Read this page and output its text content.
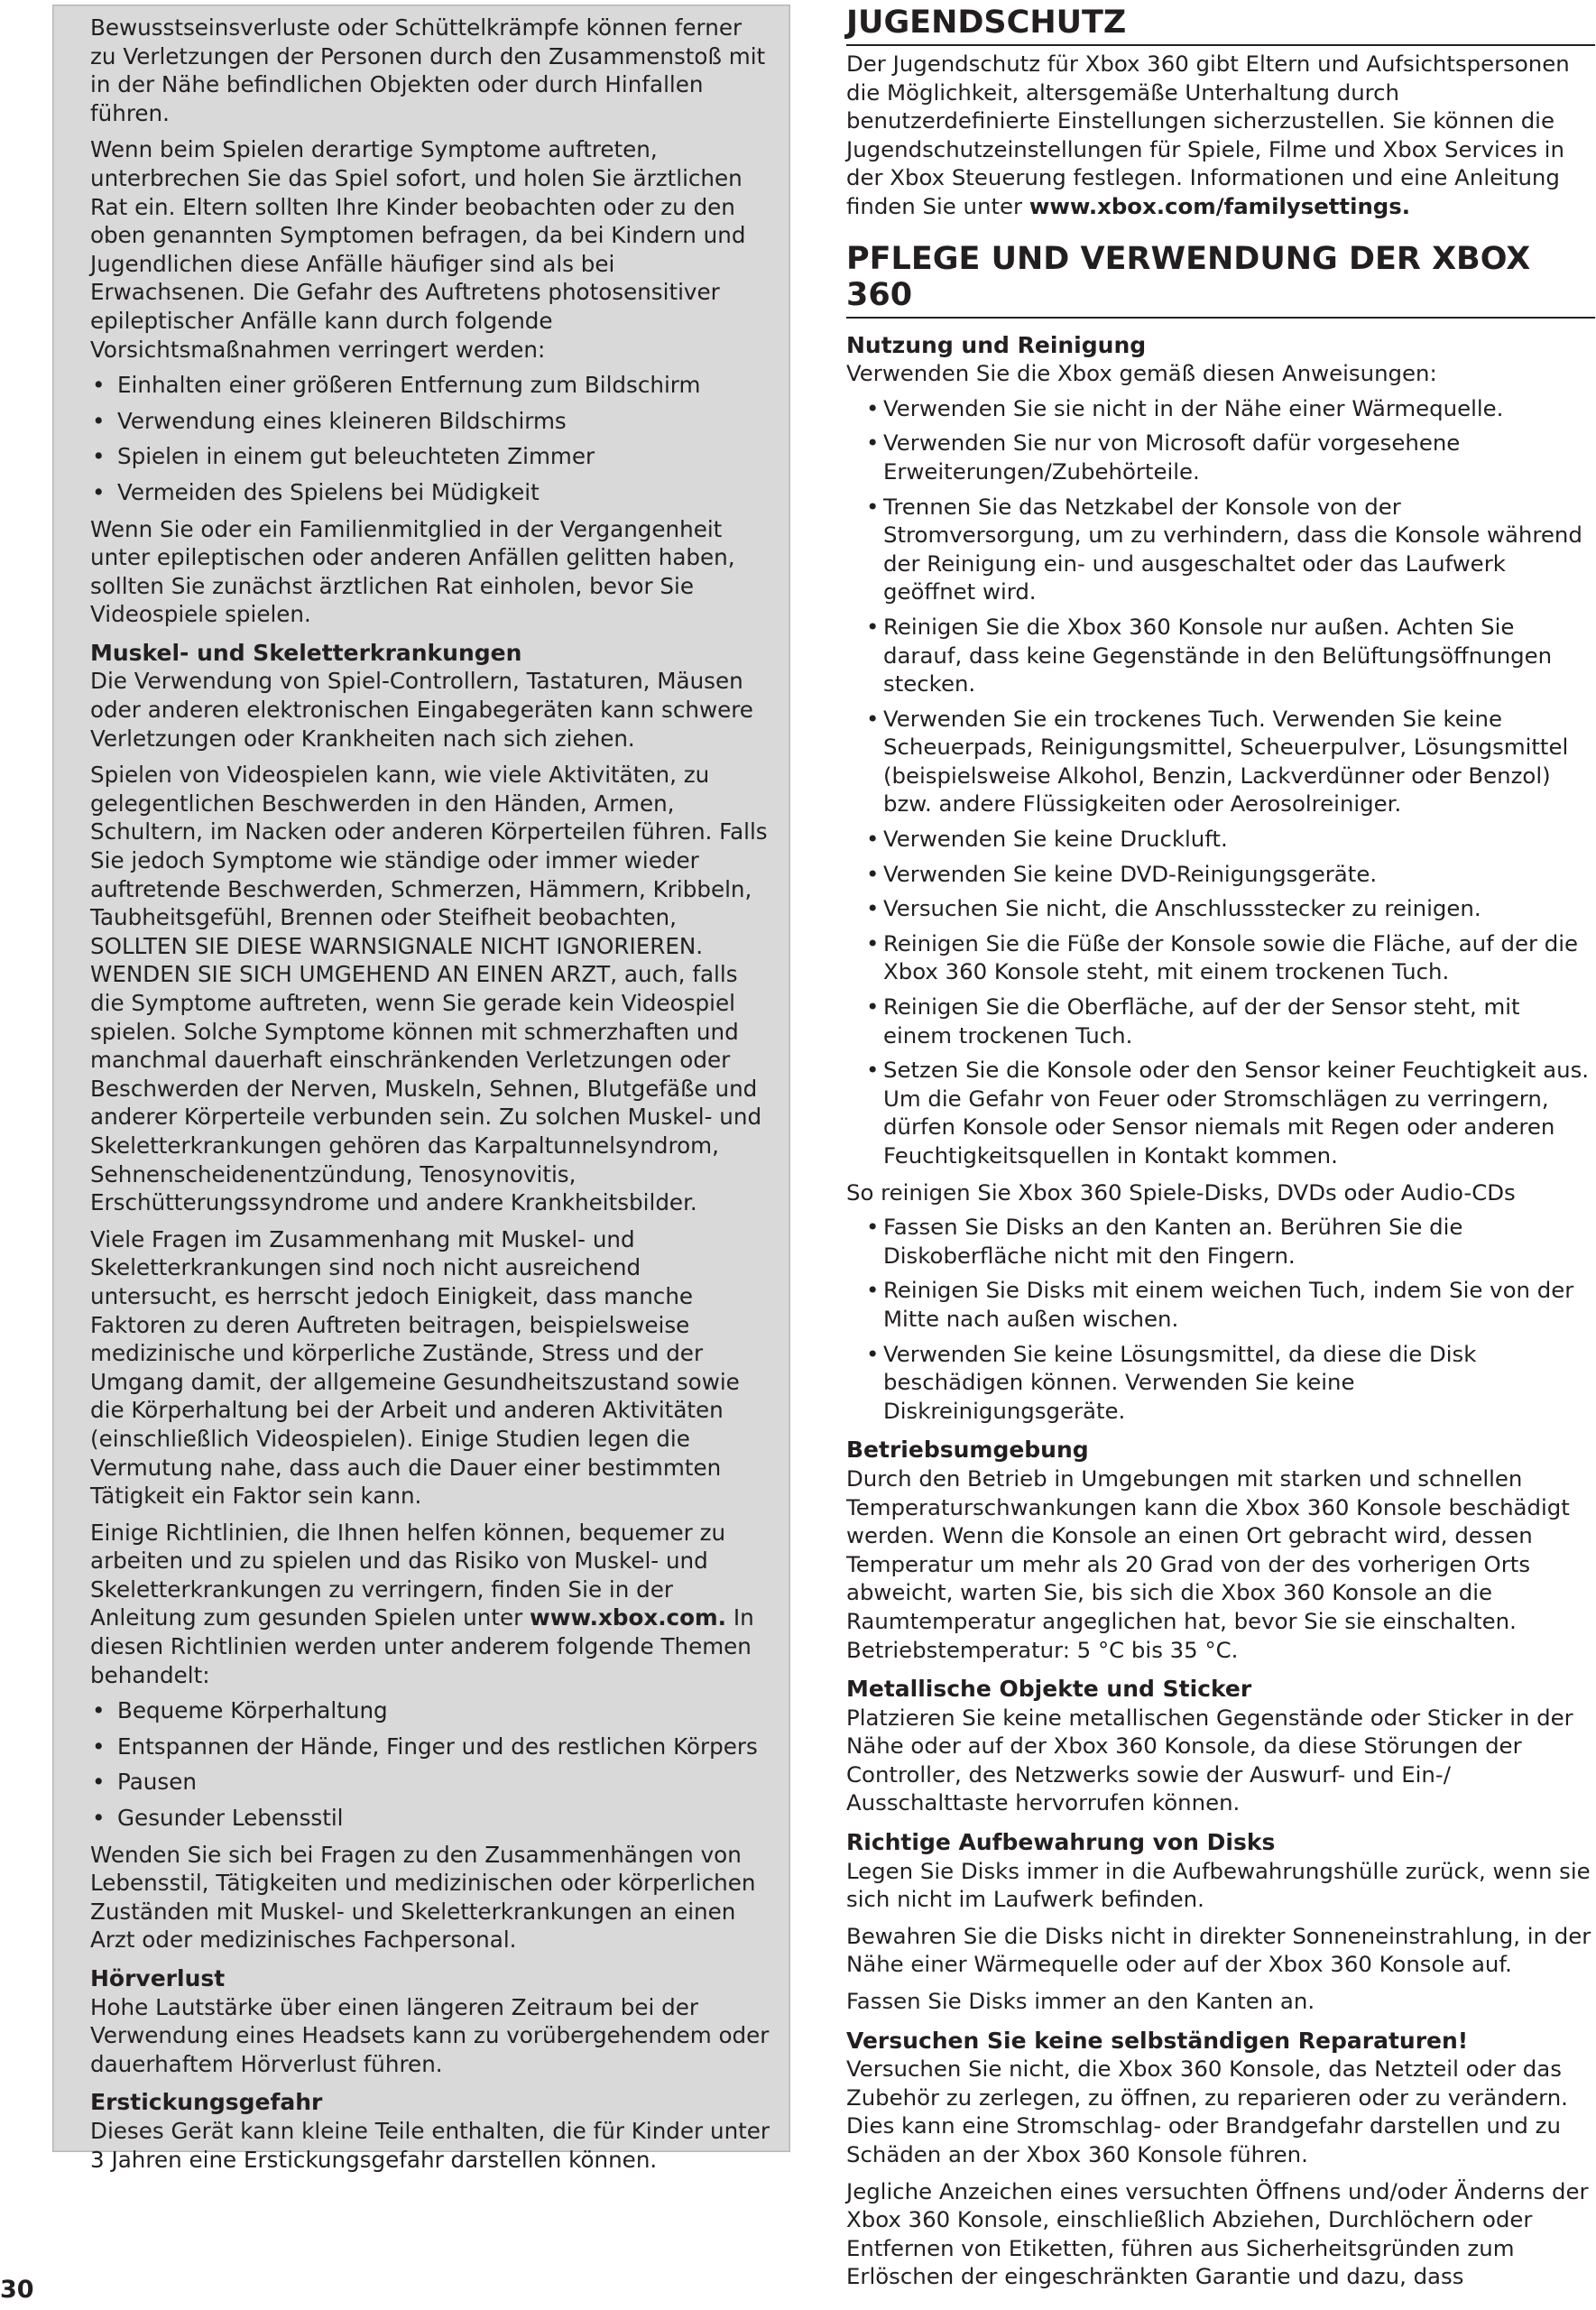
Bewusstseinsverluste oder Schüttelkrämpfe können ferner zu Verletzungen der Personen durch den Zusammenstoß mit in der Nähe befindlichen Objekten oder durch Hinfallen führen.

Wenn beim Spielen derartige Symptome auftreten, unterbrechen Sie das Spiel sofort, und holen Sie ärztlichen Rat ein. Eltern sollten Ihre Kinder beobachten oder zu den oben genannten Symptomen befragen, da bei Kindern und Jugendlichen diese Anfälle häufiger sind als bei Erwachsenen. Die Gefahr des Auftretens photosensitiver epileptischer Anfälle kann durch folgende Vorsichtsmaßnahmen verringert werden:

• Einhalten einer größeren Entfernung zum Bildschirm
• Verwendung eines kleineren Bildschirms
• Spielen in einem gut beleuchteten Zimmer
• Vermeiden des Spielens bei Müdigkeit

Wenn Sie oder ein Familienmitglied in der Vergangenheit unter epileptischen oder anderen Anfällen gelitten haben, sollten Sie zunächst ärztlichen Rat einholen, bevor Sie Videospiele spielen.

Muskel- und Skeletterkrankungen

Die Verwendung von Spiel-Controllern, Tastaturen, Mäusen oder anderen elektronischen Eingabegeräten kann schwere Verletzungen oder Krankheiten nach sich ziehen.

Spielen von Videospielen kann, wie viele Aktivitäten, zu gelegentlichen Beschwerden in den Händen, Armen, Schultern, im Nacken oder anderen Körperteilen führen. Falls Sie jedoch Symptome wie ständige oder immer wieder auftretende Beschwerden, Schmerzen, Hämmern, Kribbeln, Taubheitsgefühl, Brennen oder Steifheit beobachten, SOLLTEN SIE DIESE WARNSIGNALE NICHT IGNORIEREN. WENDEN SIE SICH UMGEHEND AN EINEN ARZT, auch, falls die Symptome auftreten, wenn Sie gerade kein Videospiel spielen. Solche Symptome können mit schmerzhaften und manchmal dauerhaft einschränkenden Verletzungen oder Beschwerden der Nerven, Muskeln, Sehnen, Blutgefäße und anderer Körperteile verbunden sein. Zu solchen Muskel- und Skeletterkrankungen gehören das Karpaltunnelsyndrom, Sehnenscheidenentzündung, Tenosynovitis, Erschütterungssyndrome und andere Krankheitsbilder.

Viele Fragen im Zusammenhang mit Muskel- und Skeletterkrankungen sind noch nicht ausreichend untersucht, es herrscht jedoch Einigkeit, dass manche Faktoren zu deren Auftreten beitragen, beispielsweise medizinische und körperliche Zustände, Stress und der Umgang damit, der allgemeine Gesundheitszustand sowie die Körperhaltung bei der Arbeit und anderen Aktivitäten (einschließlich Videospielen). Einige Studien legen die Vermutung nahe, dass auch die Dauer einer bestimmten Tätigkeit ein Faktor sein kann.

Einige Richtlinien, die Ihnen helfen können, bequemer zu arbeiten und zu spielen und das Risiko von Muskel- und Skeletterkrankungen zu verringern, finden Sie in der Anleitung zum gesunden Spielen unter www.xbox.com. In diesen Richtlinien werden unter anderem folgende Themen behandelt:

• Bequeme Körperhaltung
• Entspannen der Hände, Finger und des restlichen Körpers
• Pausen
• Gesunder Lebensstil

Wenden Sie sich bei Fragen zu den Zusammenhängen von Lebensstil, Tätigkeiten und medizinischen oder körperlichen Zuständen mit Muskel- und Skeletterkrankungen an einen Arzt oder medizinisches Fachpersonal.

Hörverlust

Hohe Lautstärke über einen längeren Zeitraum bei der Verwendung eines Headsets kann zu vorübergehendem oder dauerhaftem Hörverlust führen.

Erstickungsgefahr

Dieses Gerät kann kleine Teile enthalten, die für Kinder unter 3 Jahren eine Erstickungsgefahr darstellen können.

JUGENDSCHUTZ

Der Jugendschutz für Xbox 360 gibt Eltern und Aufsichtspersonen die Möglichkeit, altersgemäße Unterhaltung durch benutzerdefinierte Einstellungen sicherzustellen. Sie können die Jugendschutzeinstellungen für Spiele, Filme und Xbox Services in der Xbox Steuerung festlegen. Informationen und eine Anleitung finden Sie unter www.xbox.com/familysettings.

PFLEGE UND VERWENDUNG DER XBOX 360

Nutzung und Reinigung

Verwenden Sie die Xbox gemäß diesen Anweisungen:

• Verwenden Sie sie nicht in der Nähe einer Wärmequelle.
• Verwenden Sie nur von Microsoft dafür vorgesehene Erweiterungen/Zubehörteile.
• Trennen Sie das Netzkabel der Konsole von der Stromversorgung, um zu verhindern, dass die Konsole während der Reinigung ein- und ausgeschaltet oder das Laufwerk geöffnet wird.
• Reinigen Sie die Xbox 360 Konsole nur außen. Achten Sie darauf, dass keine Gegenstände in den Belüftungsöffnungen stecken.
• Verwenden Sie ein trockenes Tuch. Verwenden Sie keine Scheuerpads, Reinigungsmittel, Scheuerpulver, Lösungsmittel (beispielsweise Alkohol, Benzin, Lackverdünner oder Benzol) bzw. andere Flüssigkeiten oder Aerosolreiniger.
• Verwenden Sie keine Druckluft.
• Verwenden Sie keine DVD-Reinigungsgeräte.
• Versuchen Sie nicht, die Anschlussstecker zu reinigen.
• Reinigen Sie die Füße der Konsole sowie die Fläche, auf der die Xbox 360 Konsole steht, mit einem trockenen Tuch.
• Reinigen Sie die Oberfläche, auf der der Sensor steht, mit einem trockenen Tuch.
• Setzen Sie die Konsole oder den Sensor keiner Feuchtigkeit aus. Um die Gefahr von Feuer oder Stromschlägen zu verringern, dürfen Konsole oder Sensor niemals mit Regen oder anderen Feuchtigkeitsquellen in Kontakt kommen.

So reinigen Sie Xbox 360 Spiele-Disks, DVDs oder Audio-CDs

• Fassen Sie Disks an den Kanten an. Berühren Sie die Diskoberfläche nicht mit den Fingern.
• Reinigen Sie Disks mit einem weichen Tuch, indem Sie von der Mitte nach außen wischen.
• Verwenden Sie keine Lösungsmittel, da diese die Disk beschädigen können. Verwenden Sie keine Diskreinigungsgeräte.

Betriebsumgebung

Durch den Betrieb in Umgebungen mit starken und schnellen Temperaturschwankungen kann die Xbox 360 Konsole beschädigt werden. Wenn die Konsole an einen Ort gebracht wird, dessen Temperatur um mehr als 20 Grad von der des vorherigen Orts abweicht, warten Sie, bis sich die Xbox 360 Konsole an die Raumtemperatur angeglichen hat, bevor Sie sie einschalten. Betriebstemperatur: 5 °C bis 35 °C.

Metallische Objekte und Sticker

Platzieren Sie keine metallischen Gegenstände oder Sticker in der Nähe oder auf der Xbox 360 Konsole, da diese Störungen der Controller, des Netzwerks sowie der Auswurf- und Ein-/ Ausschalttaste hervorrufen können.

Richtige Aufbewahrung von Disks

Legen Sie Disks immer in die Aufbewahrungshülle zurück, wenn sie sich nicht im Laufwerk befinden.

Bewahren Sie die Disks nicht in direkter Sonneneinstrahlung, in der Nähe einer Wärmequelle oder auf der Xbox 360 Konsole auf.

Fassen Sie Disks immer an den Kanten an.

Versuchen Sie keine selbständigen Reparaturen!

Versuchen Sie nicht, die Xbox 360 Konsole, das Netzteil oder das Zubehör zu zerlegen, zu öffnen, zu reparieren oder zu verändern. Dies kann eine Stromschlag- oder Brandgefahr darstellen und zu Schäden an der Xbox 360 Konsole führen.

Jegliche Anzeichen eines versuchten Öffnens und/oder Änderns der Xbox 360 Konsole, einschließlich Abziehen, Durchlöchern oder Entfernen von Etiketten, führen aus Sicherheitsgründen zum Erlöschen der eingeschränkten Garantie und dazu, dass

30
